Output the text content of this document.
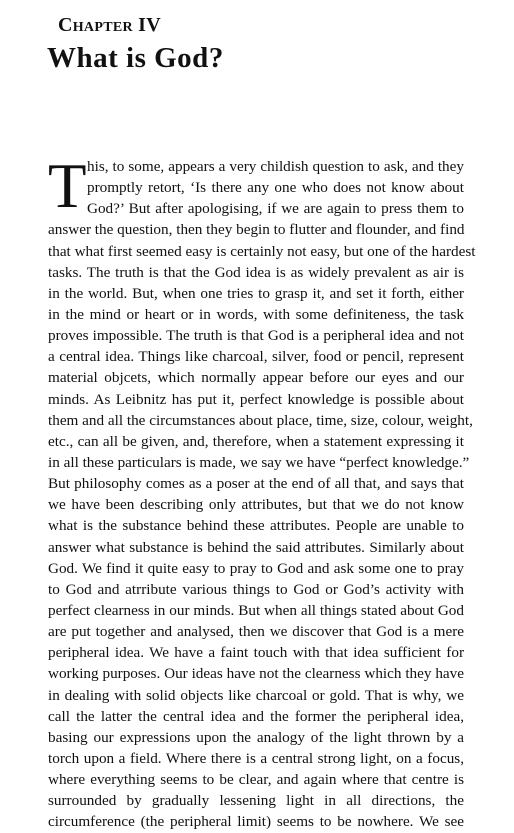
Chapter IV
What is God?
T his, to some, appears a very childish question to ask, and they
promptly retort, ‘Is there any one who does not know about
God?’ But after apologising, if we are again to press them to
answer the question, then they begin to flutter and flounder, and find
that what first seemed easy is certainly not easy, but one of the hardest
tasks. The truth is that the God idea is as widely prevalent as air is
in the world. But, when one tries to grasp it, and set it forth, either
in the mind or heart or in words, with some definiteness, the task
proves impossible. The truth is that God is a peripheral idea and not
a central idea. Things like charcoal, silver, food or pencil, represent
material objcets, which normally appear before our eyes and our
minds. As Leibnitz has put it, perfect knowledge is possible about
them and all the circumstances about place, time, size, colour, weight,
etc., can all be given, and, therefore, when a statement expressing it
in all these particulars is made, we say we have “perfect knowledge.”
But philosophy comes as a poser at the end of all that, and says that
we have been describing only attributes, but that we do not know
what is the substance behind these attributes. People are unable to
answer what substance is behind the said attributes. Similarly about
God. We find it quite easy to pray to God and ask some one to pray
to God and atrribute various things to God or God’s activity with
perfect clearness in our minds. But when all things stated about God
are put together and analysed, then we discover that God is a mere
peripheral idea. We have a faint touch with that idea sufficient for
working purposes. Our ideas have not the clearness which they have
in dealing with solid objects like charcoal or gold. That is why, we
call the latter the central idea and the former the peripheral idea,
basing our expressions upon the analogy of the light thrown by a
torch upon a field. Where there is a central strong light, on a focus,
where everything seems to be clear, and again where that centre is
surrounded by gradually lessening light in all directions, the
circumference (the peripheral limit) seems to be nowhere. We see
